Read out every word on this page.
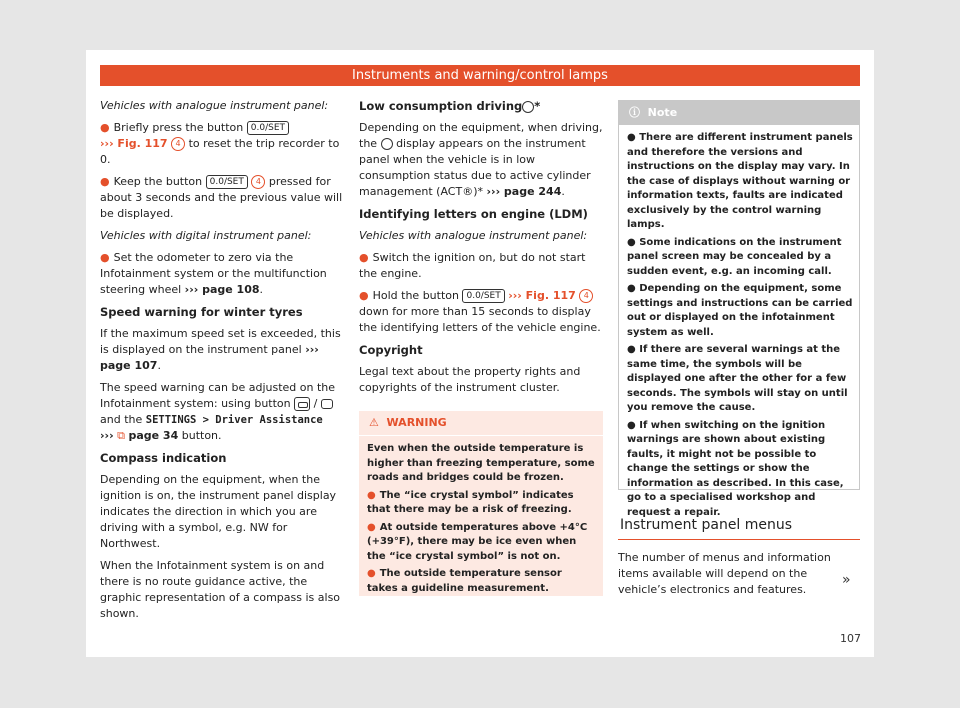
Instruments and warning/control lamps

Vehicles with analogue instrument panel:

● Briefly press the button 0.0/SET
››› Fig. 117 4 to reset the trip recorder to 0.

● Keep the button 0.0/SET 4 pressed for about 3 seconds and the previous value will be displayed.

Vehicles with digital instrument panel:

● Set the odometer to zero via the Infotainment system or the multifunction steering wheel ››› page 108.

Speed warning for winter tyres

If the maximum speed set is exceeded, this is displayed on the instrument panel ››› page 107.

The speed warning can be adjusted on the Infotainment system: using button /  and the SETTINGS > Driver Assistance
››› ⧉ page 34 button.

Compass indication

Depending on the equipment, when the ignition is on, the instrument panel display indicates the direction in which you are driving with a symbol, e.g. NW for Northwest.

When the Infotainment system is on and there is no route guidance active, the graphic representation of a compass is also shown.

Low consumption driving *

Depending on the equipment, when driving, the display appears on the instrument panel when the vehicle is in low consumption status due to active cylinder management (ACT®)* ››› page 244.

Identifying letters on engine (LDM)

Vehicles with analogue instrument panel:

● Switch the ignition on, but do not start the engine.

● Hold the button 0.0/SET ››› Fig. 117 4 down for more than 15 seconds to display the identifying letters of the vehicle engine.

Copyright

Legal text about the property rights and copyrights of the instrument cluster.

⚠ WARNING

Even when the outside temperature is higher than freezing temperature, some roads and bridges could be frozen.

● The “ice crystal symbol” indicates that there may be a risk of freezing.

● At outside temperatures above +4°C (+39°F), there may be ice even when the “ice crystal symbol” is not on.

● The outside temperature sensor takes a guideline measurement.

ⓘ Note

● There are different instrument panels and therefore the versions and instructions on the display may vary. In the case of displays without warning or information texts, faults are indicated exclusively by the control warning lamps.

● Some indications on the instrument panel screen may be concealed by a sudden event, e.g. an incoming call.

● Depending on the equipment, some settings and instructions can be carried out or displayed on the infotainment system as well.

● If there are several warnings at the same time, the symbols will be displayed one after the other for a few seconds. The symbols will stay on until you remove the cause.

● If when switching on the ignition warnings are shown about existing faults, it might not be possible to change the settings or show the information as described. In this case, go to a specialised workshop and request a repair.

Instrument panel menus
The number of menus and information items available will depend on the vehicle’s electronics and features.
»
107
